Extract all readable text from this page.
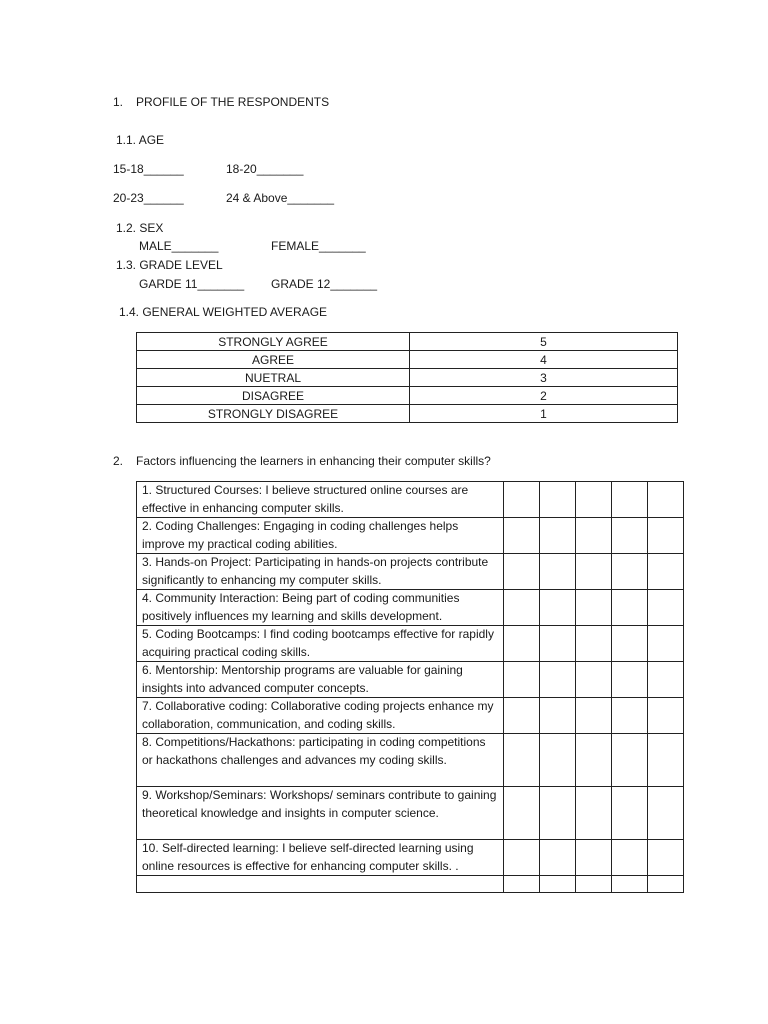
1. PROFILE OF THE RESPONDENTS
1.1. AGE
15-18______	18-20_______
20-23______	24 & Above_______
1.2. SEX
MALE_______	FEMALE_______
1.3. GRADE LEVEL
GARDE 11_______ GRADE 12_______
1.4. GENERAL WEIGHTED AVERAGE
STRONGLY AGREE	5
AGREE	4
NUETRAL	3
DISAGREE	2
STRONGLY DISAGREE	1
2. Factors influencing the learners in enhancing their computer skills?
1. Structured Courses: I believe structured online courses are effective in enhancing computer skills.					
2. Coding Challenges: Engaging in coding challenges helps improve my practical coding abilities.					
3. Hands-on Project: Participating in hands-on projects contribute significantly to enhancing my computer skills.					
4. Community Interaction: Being part of coding communities positively influences my learning and skills development.					
5. Coding Bootcamps: I find coding bootcamps effective for rapidly acquiring practical coding skills.					
6. Mentorship: Mentorship programs are valuable for gaining insights into advanced computer concepts.					
7. Collaborative coding: Collaborative coding projects enhance my collaboration, communication, and coding skills.					
8. Competitions/Hackathons: participating in coding competitions or hackathons challenges and advances my coding skills.					
9. Workshop/Seminars: Workshops/ seminars contribute to gaining theoretical knowledge and insights in computer science.					
10. Self-directed learning: I believe self-directed learning using online resources is effective for enhancing computer skills. .					
